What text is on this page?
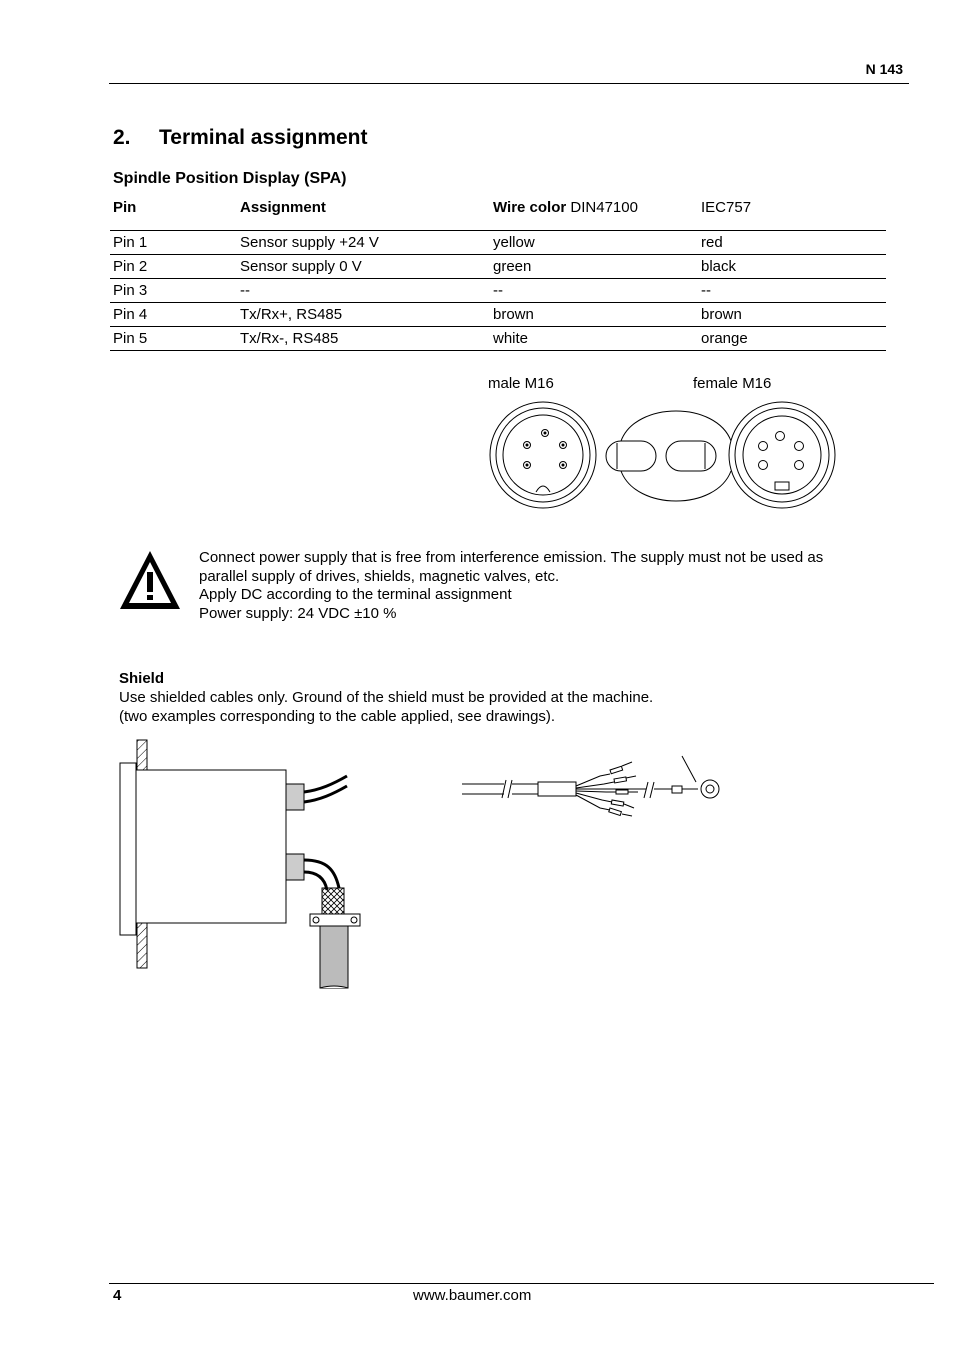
N 143
2. Terminal assignment
Spindle Position Display (SPA)
Pin	Assignment	Wire color DIN47100	IEC757
Pin 1	Sensor supply +24 V	yellow	red
Pin 2	Sensor supply 0 V	green	black
Pin 3	--	--	--
Pin 4	Tx/Rx+, RS485	brown	brown
Pin 5	Tx/Rx-, RS485	white	orange
male M16	female M16
Connect power supply that is free from interference emission. The supply must not be used as
parallel supply of drives, shields, magnetic valves, etc.
Apply DC according to the terminal assignment
Power supply: 24 VDC ±10 %
Shield
Use shielded cables only. Ground of the shield must be provided at the machine.
(two examples corresponding to the cable applied, see drawings).
4	www.baumer.com
